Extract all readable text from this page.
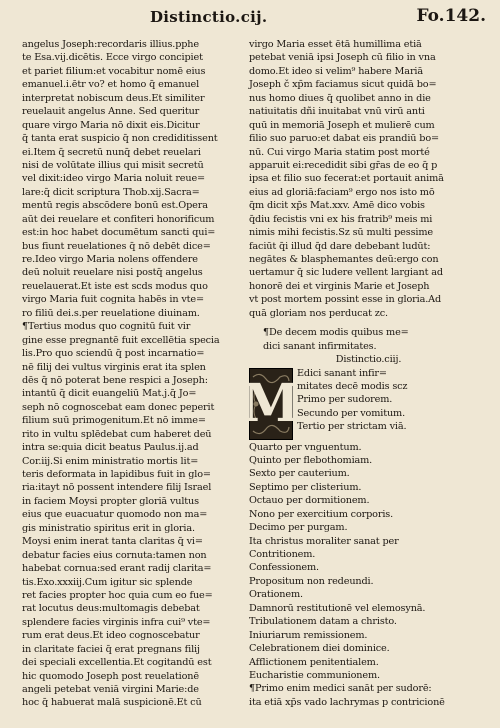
Distinctio.cij.	Fo.142.
angelus Joseph:recordaris illius.pphe
te Esa.vij.dicētis. Ecce virgo concipiet
et pariet filium:et vocabitur nomē eius
emanuel.i.ētr vo? et homo q̄ emanuel
interpretat nobiscum deus.Et similiter
reuelauit angelus Anne. Sed queritur
quare virgo Maria nō dixit eis.Dicitur
q̄ tanta erat suspicio q̄ non crediditissent
ei.Item q̄ secretū nunq̄ debet reuelari
nisi de volūtate illius qui misit secretū
vel dixit:ideo virgo Maria noluit reue=
lare:q̄ dicit scriptura Thob.xij.Sacra=
mentū regis abscōdere bonū est.Opera
aūt dei reuelare et confiteri honorificum
est:in hoc habet documētum sancti qui=
bus fiunt reuelationes q̄ nō debēt dice=
re.Ideo virgo Maria nolens offendere
deū noluit reuelare nisi postq̄ angelus
reuelauerat.Et iste est scds modus quo
virgo Maria fuit cognita habēs in vte=
ro filiū dei.s.per reuelatione diuinam.
¶Tertius modus quo cognitū fuit vir
gine esse pregnantē fuit excellētia specia
lis.Pro quo sciendū q̄ post incarnatio=
nē filij dei vultus virginis erat ita splen
dēs q̄ nō poterat bene respici a Joseph:
intantū q̄ dicit euangeliū Mat.j.q̄ Jo=
seph nō cognoscebat eam donec peperit
filium suū primogenitum.Et nō imme=
rito in vultu splēdebat cum haberet deū
intra se:quia dicit beatus Paulus.ij.ad
Cor.iij.Si enim ministratio mortis lit=
teris deformata in lapidibus fuit in glo=
ria:itayt nō possent intendere filij Israel
in faciem Moysi propter gloriā vultus
eius que euacuatur quomodo non ma=
gis ministratio spiritus erit in gloria.
Moysi enim inerat tanta claritas q̄ vi=
debatur facies eius cornuta:tamen non
habebat cornua:sed erant radij clarita=
tis.Exo.xxxiij.Cum igitur sic splende
ret facies propter hoc quia cum eo fue=
rat locutus deus:multomagis debebat
splendere facies virginis infra cui⁹ vte=
rum erat deus.Et ideo cognoscebatur
in claritate faciei q̄ erat pregnans filij
dei speciali excellentia.Et cogitandū est
hic quomodo Joseph post reuelationē
angeli petebat veniā virgini Marie:de
hoc q̄ habuerat malā suspicionē.Et cū
virgo Maria esset ētā humillima etiā
petebat veniā ipsi Joseph cū filio in vna
domo.Et ideo si velim⁹ habere Mariā
Joseph č xp̄m faciamus sicut quidā bo=
nus homo diues q̄ quolibet anno in die
natiuitatis dñi inuitabat vnū virū anti
quū in memoriā Joseph et mulierē cum
filio suo paruo:et dabat eis prandiū bo=
nū. Cui virgo Maria statim post morté
apparuit ei:recedidit sibi gr̄as de eo q̄ p
ipsa et filio suo fecerat:et portauit animā
eius ad gloriā:faciam⁹ ergo nos isto mō
q̄m dicit xp̄s Mat.xxv. Amē dico vobis
q̄diu fecistis vni ex his fratrib⁹ meis mi
nimis mihi fecistis.Sz sū multi pessime
faciūt q̄i illud q̄d dare debebant ludūt:
negātes & blasphemantes deū:ergo con
uertamur q̄ sic ludere vellent largiant ad
honorē dei et virginis Marie et Joseph
vt post mortem possint esse in gloria.Ad
quā gloriam nos perducat zc.
¶De decem modis quibus me=
dici sanant infirmitates.
Distinctio.ciij.
M
Edici sanant infir=
mitates decē modis scz
Primo per sudorem.
Secundo per vomitum.
Tertio per strictam viā.
Quarto per vnguentum.
Quinto per flebothomiam.
Sexto per cauterium.
Septimo per clisterium.
Octauo per dormitionem.
Nono per exercitium corporis.
Decimo per purgam.
Ita christus moraliter sanat per
Contritionem.
Confessionem.
Propositum non redeundi.
Orationem.
Damnorū restitutionē vel elemosynā.
Tribulationem datam a christo.
Iniuriarum remissionem.
Celebrationem diei dominice.
Afflictionem penitentialem.
Eucharistie communionem.
¶Primo enim medici sanāt per sudorē:
ita etiā xp̄s vado lachrymas p contricionē
